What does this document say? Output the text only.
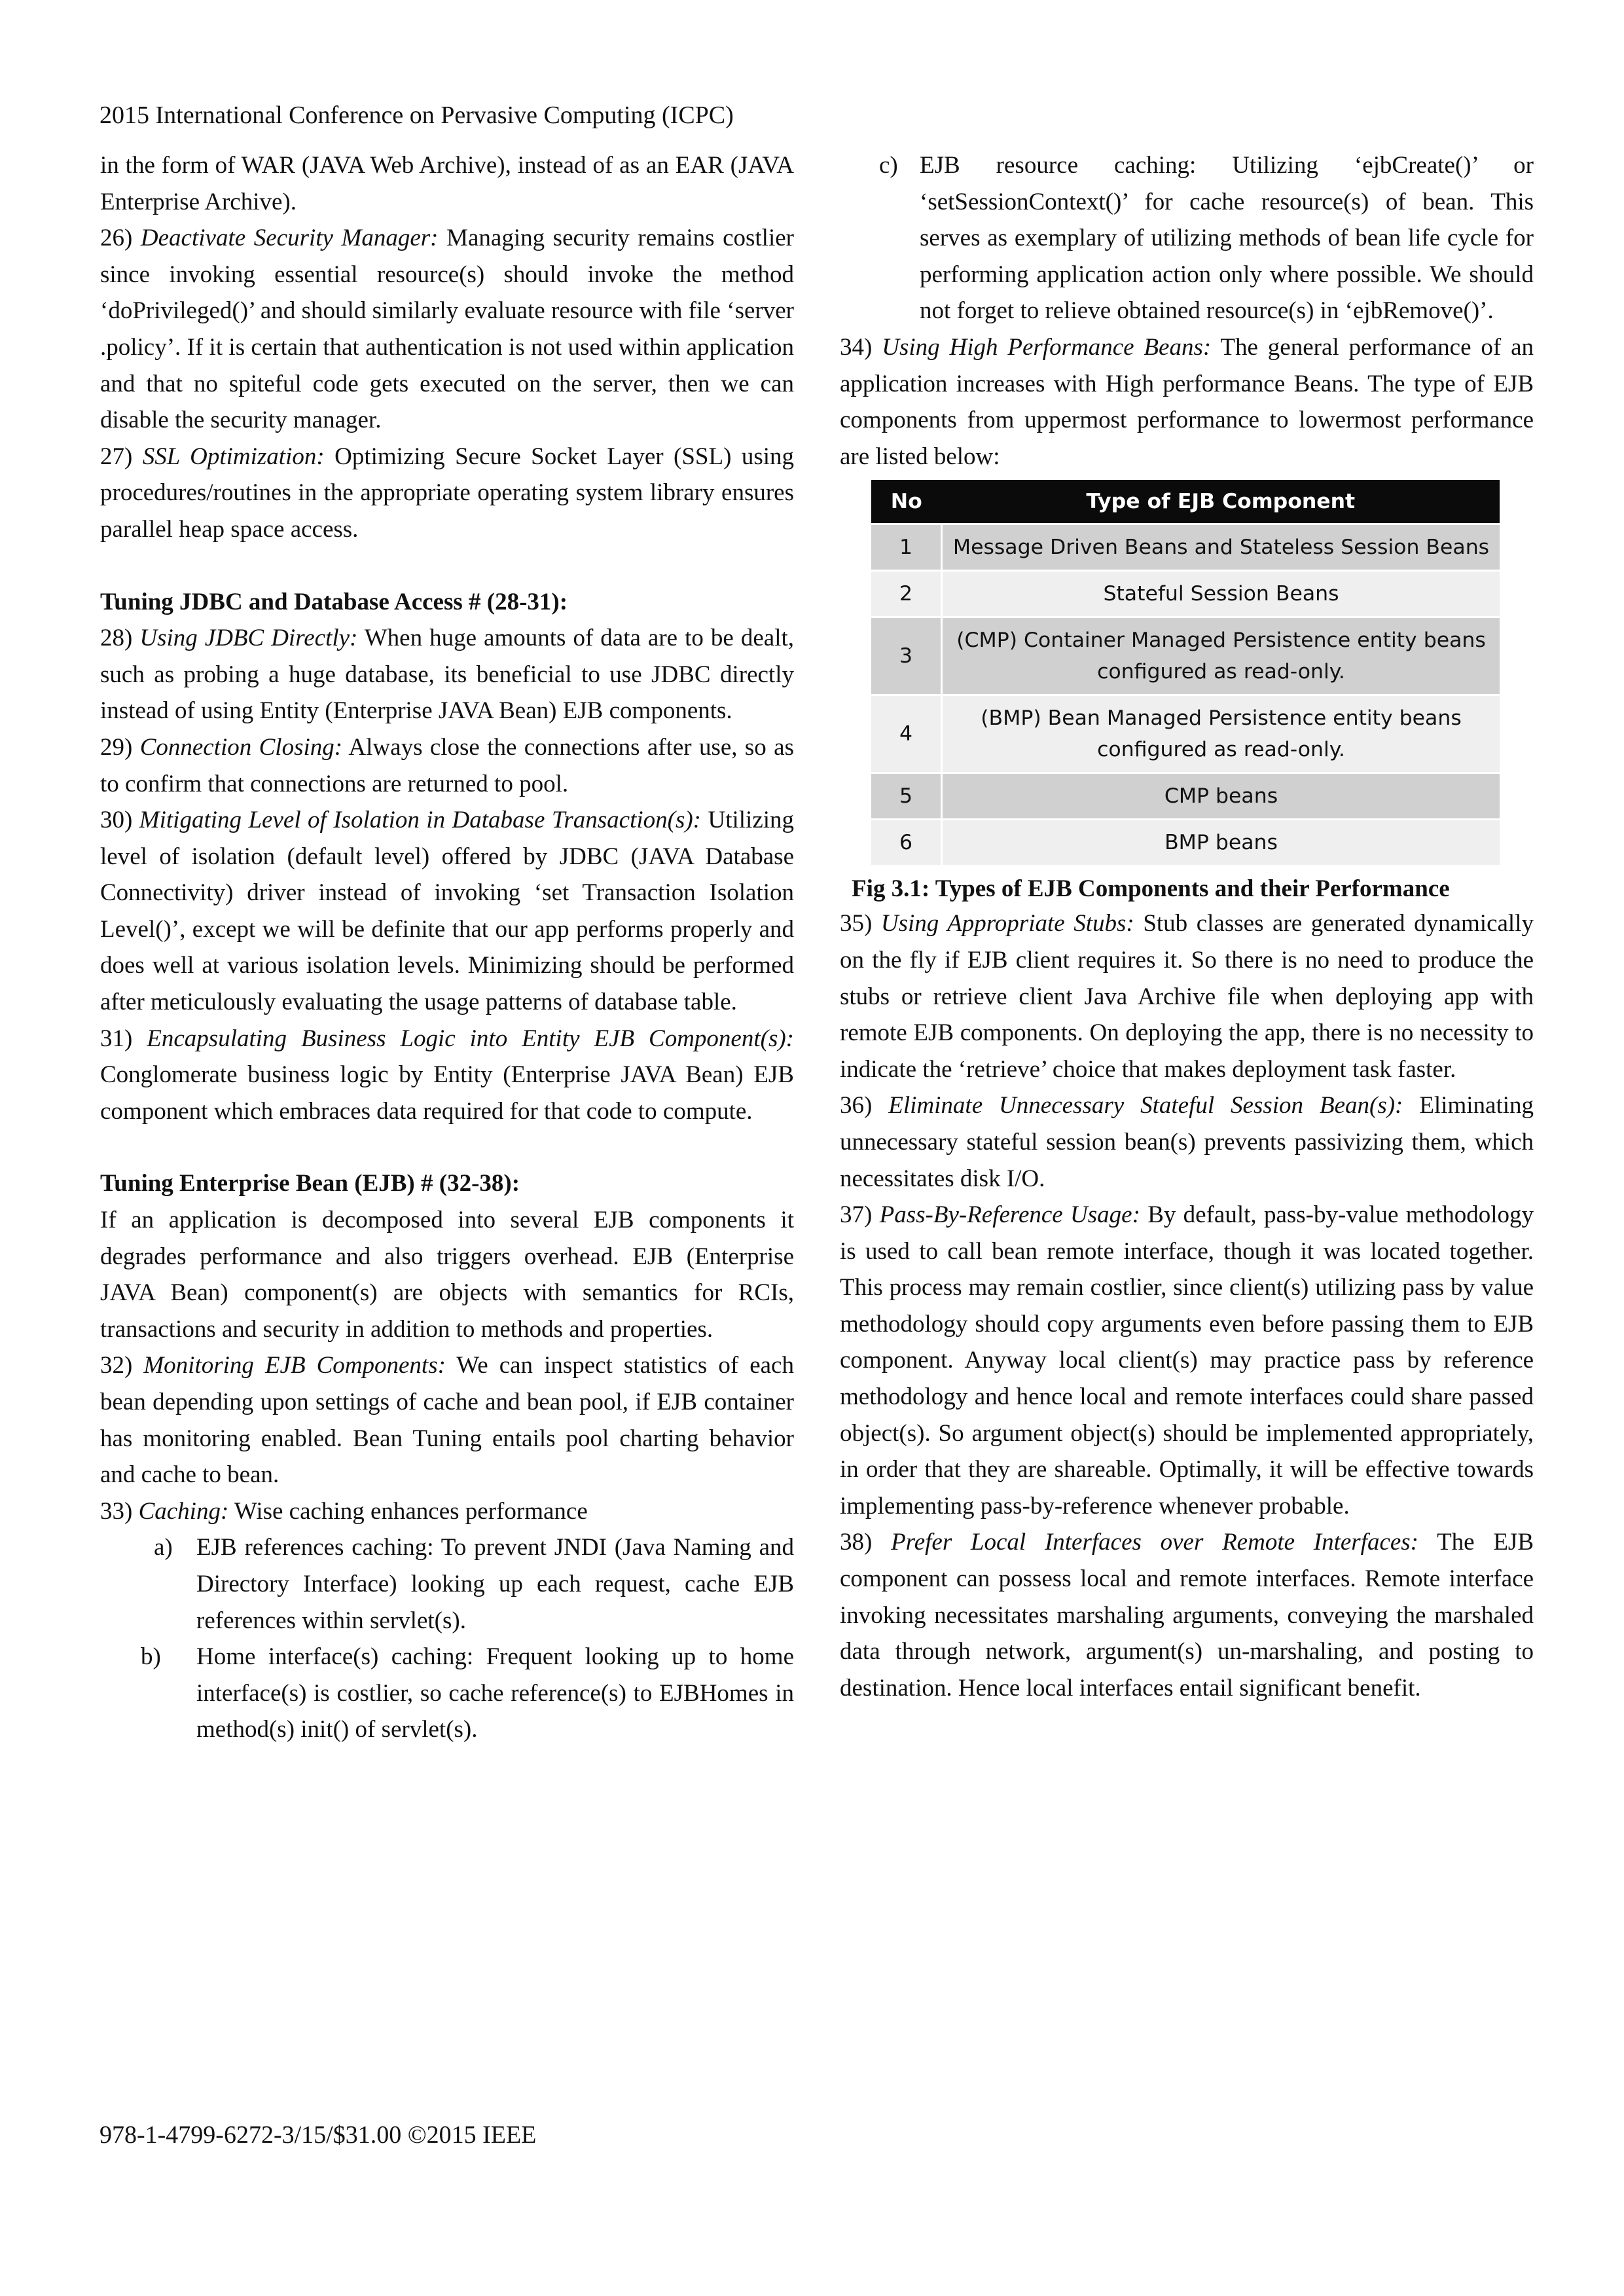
2015 International Conference on Pervasive Computing (ICPC)

in the form of WAR (JAVA Web Archive), instead of as an EAR (JAVA Enterprise Archive).

26) Deactivate Security Manager: Managing security remains costlier since invoking essential resource(s) should invoke the method ‘doPrivileged()’ and should similarly evaluate resource with file ‘server .policy’. If it is certain that authentication is not used within application and that no spiteful code gets executed on the server, then we can disable the security manager.

27) SSL Optimization: Optimizing Secure Socket Layer (SSL) using procedures/routines in the appropriate operating system library ensures parallel heap space access.

Tuning JDBC and Database Access # (28-31):

28) Using JDBC Directly: When huge amounts of data are to be dealt, such as probing a huge database, its beneficial to use JDBC directly instead of using Entity (Enterprise JAVA Bean) EJB components.

29) Connection Closing: Always close the connections after use, so as to confirm that connections are returned to pool.

30) Mitigating Level of Isolation in Database Transaction(s): Utilizing level of isolation (default level) offered by JDBC (JAVA Database Connectivity) driver instead of invoking ‘set Transaction Isolation Level()’, except we will be definite that our app performs properly and does well at various isolation levels. Minimizing should be performed after meticulously evaluating the usage patterns of database table.

31) Encapsulating Business Logic into Entity EJB Component(s): Conglomerate business logic by Entity (Enterprise JAVA Bean) EJB component which embraces data required for that code to compute.

Tuning Enterprise Bean (EJB) # (32-38):

If an application is decomposed into several EJB components it degrades performance and also triggers overhead. EJB (Enterprise JAVA Bean) component(s) are objects with semantics for RCIs, transactions and security in addition to methods and properties.

32) Monitoring EJB Components: We can inspect statistics of each bean depending upon settings of cache and bean pool, if EJB container has monitoring enabled. Bean Tuning entails pool charting behavior and cache to bean.

33) Caching: Wise caching enhances performance

a) EJB references caching: To prevent JNDI (Java Naming and Directory Interface) looking up each request, cache EJB references within servlet(s).
b)	Home interface(s) caching: Frequent looking up to home interface(s) is costlier, so cache reference(s) to EJBHomes in method(s) init() of servlet(s).
c) EJB resource caching: Utilizing ‘ejbCreate()’ or ‘setSessionContext()’ for cache resource(s) of bean. This serves as exemplary of utilizing methods of bean life cycle for performing application action only where possible. We should not forget to relieve obtained resource(s) in ‘ejbRemove()’.

34) Using High Performance Beans: The general performance of an application increases with High performance Beans. The type of EJB components from uppermost performance to lowermost performance are listed below:

No	Type of EJB Component
1	Message Driven Beans and Stateless Session Beans
2	Stateful Session Beans
3	(CMP) Container Managed Persistence entity beans configured as read-only.
4	(BMP) Bean Managed Persistence entity beans configured as read-only.
5	CMP beans
6	BMP beans
Fig 3.1: Types of EJB Components and their Performance

35) Using Appropriate Stubs: Stub classes are generated dynamically on the fly if EJB client requires it. So there is no need to produce the stubs or retrieve client Java Archive file when deploying app with remote EJB components. On deploying the app, there is no necessity to indicate the ‘retrieve’ choice that makes deployment task faster.

36) Eliminate Unnecessary Stateful Session Bean(s): Eliminating unnecessary stateful session bean(s) prevents passivizing them, which necessitates disk I/O.

37) Pass-By-Reference Usage: By default, pass-by-value methodology is used to call bean remote interface, though it was located together. This process may remain costlier, since client(s) utilizing pass by value methodology should copy arguments even before passing them to EJB component. Anyway local client(s) may practice pass by reference methodology and hence local and remote interfaces could share passed object(s). So argument object(s) should be implemented appropriately, in order that they are shareable. Optimally, it will be effective towards implementing pass-by-reference whenever probable.

38) Prefer Local Interfaces over Remote Interfaces: The EJB component can possess local and remote interfaces. Remote interface invoking necessitates marshaling arguments, conveying the marshaled data through network, argument(s) un-marshaling, and posting to destination. Hence local interfaces entail significant benefit.

978-1-4799-6272-3/15/$31.00 ©2015 IEEE
